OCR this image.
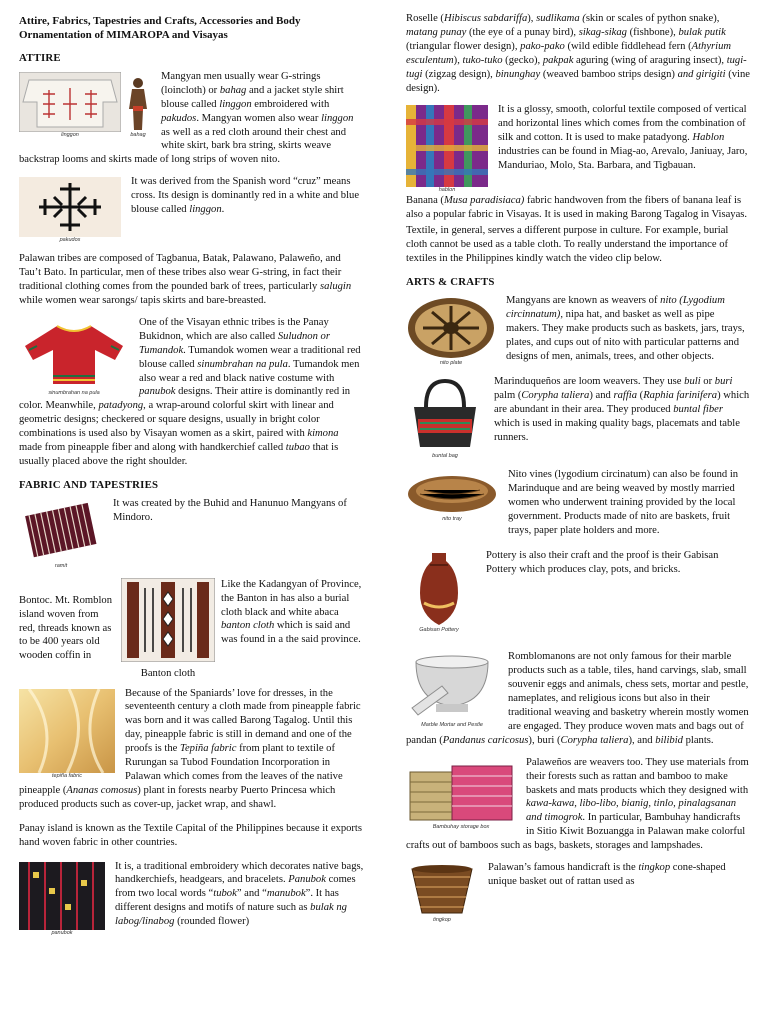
Attire, Fabrics, Tapestries and Crafts, Accessories and Body Ornamentation of MIMAROPA and Visayas
ATTIRE
linggon	bahag

Mangyan men usually wear G-strings (loincloth) or bahag and a jacket style shirt blouse called linggon embroidered with pakudos. Mangyan women also wear linggon as well as a red cloth around their chest and white skirt, bark bra string, skirts weave backstrap looms and skirts made of long strips of woven nito.

pakudos

It was derived from the Spanish word “cruz” means cross. Its design is dominantly red in a white and blue blouse called linggon.

Palawan tribes are composed of Tagbanua, Batak, Palawano, Palaweño, and Tau’t Bato. In particular, men of these tribes also wear G-string, in fact their traditional clothing comes from the pounded bark of trees, particularly salugin while women wear sarongs/ tapis skirts and bare-breasted.

sinumbrahan na pula

One of the Visayan ethnic tribes is the Panay Bukidnon, which are also called Suludnon or Tumandok. Tumandok women wear a traditional red blouse called sinumbrahan na pula. Tumandok men also wear a red and black native costume with panubok designs. Their attire is dominantly red in color. Meanwhile, patadyong, a wrap-around colorful skirt with linear and geometric designs; checkered or square designs, usually in bright color combinations is used also by Visayan women as a skirt, paired with kimona made from pineapple fiber and along with handkerchief called tubao that is usually placed above the right shoulder.

FABRIC AND TAPESTRIES
ramit

It was created by the Buhid and Hanunuo Mangyans of Mindoro.

Bontoc. Mt. Romblon island woven from red, threads known as to be 400 years old wooden coffin in

Banton cloth

Like the Kadangyan of Province, the Banton in has also a burial cloth black and white abaca banton cloth which is said and was found in a the said province.

tepiña fabric

Because of the Spaniards’ love for dresses, in the seventeenth century a cloth made from pineapple fabric was born and it was called Barong Tagalog. Until this day, pineapple fabric is still in demand and one of the proofs is the Tepiña fabric from plant to textile of Rurungan sa Tubod Foundation Incorporation in Palawan which comes from the leaves of the native pineapple (Ananas comosus) plant in forests nearby Puerto Princesa which produced products such as cover-up, jacket wrap, and shawl.

Panay island is known as the Textile Capital of the Philippines because it exports hand woven fabric in other countries.

panubok

It is, a traditional embroidery which decorates native bags, handkerchiefs, headgears, and bracelets. Panubok comes from two local words “tubok” and “manubok”. It has different designs and motifs of nature such as bulak ng labog/linabog (rounded flower)

Roselle (Hibiscus sabdariffa), sudlikama (skin or scales of python snake), matang punay (the eye of a punay bird), sikag-sikag (fishbone), bulak putik (triangular flower design), pako-pako (wild edible fiddlehead fern (Athyrium esculentum), tuko-tuko (gecko), pakpak aguring (wing of araguring insect), tugi-tugi (zigzag design), binunghay (weaved bamboo strips design) and girigiti (vine design).

hablon

It is a glossy, smooth, colorful textile composed of vertical and horizontal lines which comes from the combination of silk and cotton. It is used to make patadyong. Hablon industries can be found in Miag-ao, Arevalo, Janiuay, Jaro, Manduriao, Molo, Sta. Barbara, and Tigbauan.

Banana (Musa paradisiaca) fabric handwoven from the fibers of banana leaf is also a popular fabric in Visayas. It is used in making Barong Tagalog in Visayas.

Textile, in general, serves a different purpose in culture. For example, burial cloth cannot be used as a table cloth. To really understand the importance of textiles in the Philippines kindly watch the video clip below.

ARTS & CRAFTS
nito plate

Mangyans are known as weavers of nito (Lygodium circinnatum), nipa hat, and basket as well as pipe makers. They make products such as baskets, jars, trays, plates, and cups out of nito with particular patterns and designs of men, animals, trees, and other objects.

buntal bag

Marinduqueños are loom weavers. They use buli or buri palm (Corypha taliera) and raffia (Raphia farinifera) which are abundant in their area. They produced buntal fiber which is used in making quality bags, placemats and table runners.

nito tray

Nito vines (lygodium circinatum) can also be found in Marinduque and are being weaved by mostly married women who underwent training provided by the local government. Products made of nito are baskets, fruit trays, paper plate holders and more.

Gabisan Pottery

Pottery is also their craft and the proof is their Gabisan Pottery which produces clay, pots, and bricks.

Marble Mortar and Pestle

Romblomanons are not only famous for their marble products such as a table, tiles, hand carvings, slab, small souvenir eggs and animals, chess sets, mortar and pestle, nameplates, and religious icons but also in their traditional weaving and basketry wherein mostly women are engaged. They produce woven mats and bags out of pandan (Pandanus caricosus), buri (Corypha taliera), and bilibid plants.

Bambuhay storage box

Palaweños are weavers too. They use materials from their forests such as rattan and bamboo to make baskets and mats products which they designed with kawa-kawa, libo-libo, bianig, tinlo, pinalagsanan and timogrok. In particular, Bambuhay handicrafts in Sitio Kiwit Bozuangga in Palawan make colorful crafts out of bamboos such as bags, baskets, storages and lampshades.

tingkop

Palawan’s famous handicraft is the tingkop cone-shaped unique basket out of rattan used as
